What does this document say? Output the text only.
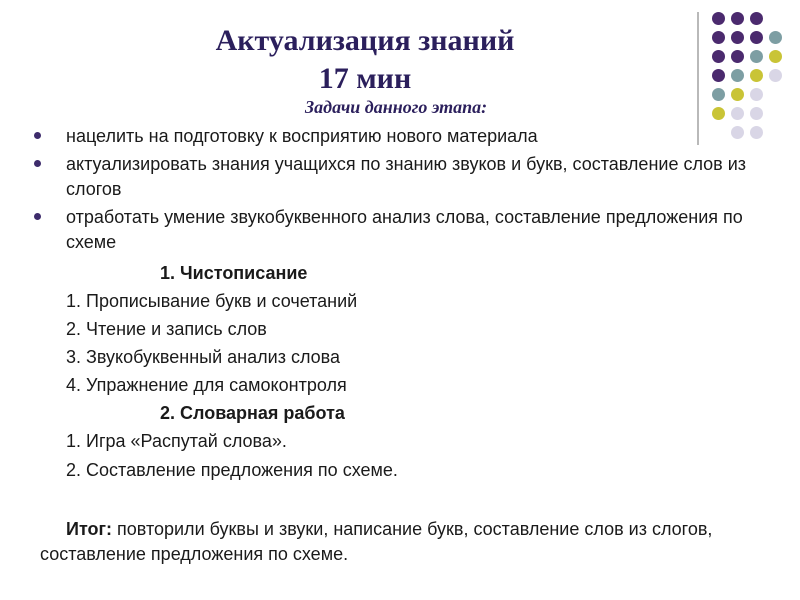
Актуализация знаний
17 мин
Задачи данного этапа:
нацелить на подготовку к восприятию нового материала
актуализировать знания учащихся по знанию звуков и букв, составление слов из слогов
отработать умение звукобуквенного анализ слова, составление предложения по схеме
1. Чистописание
1. Прописывание букв и сочетаний
2. Чтение и запись слов
3. Звукобуквенный анализ слова
4. Упражнение для самоконтроля
2. Словарная работа
1. Игра «Распутай слова».
2. Составление предложения по схеме.
Итог: повторили буквы и звуки, написание букв, составление слов из слогов, составление предложения по схеме.
